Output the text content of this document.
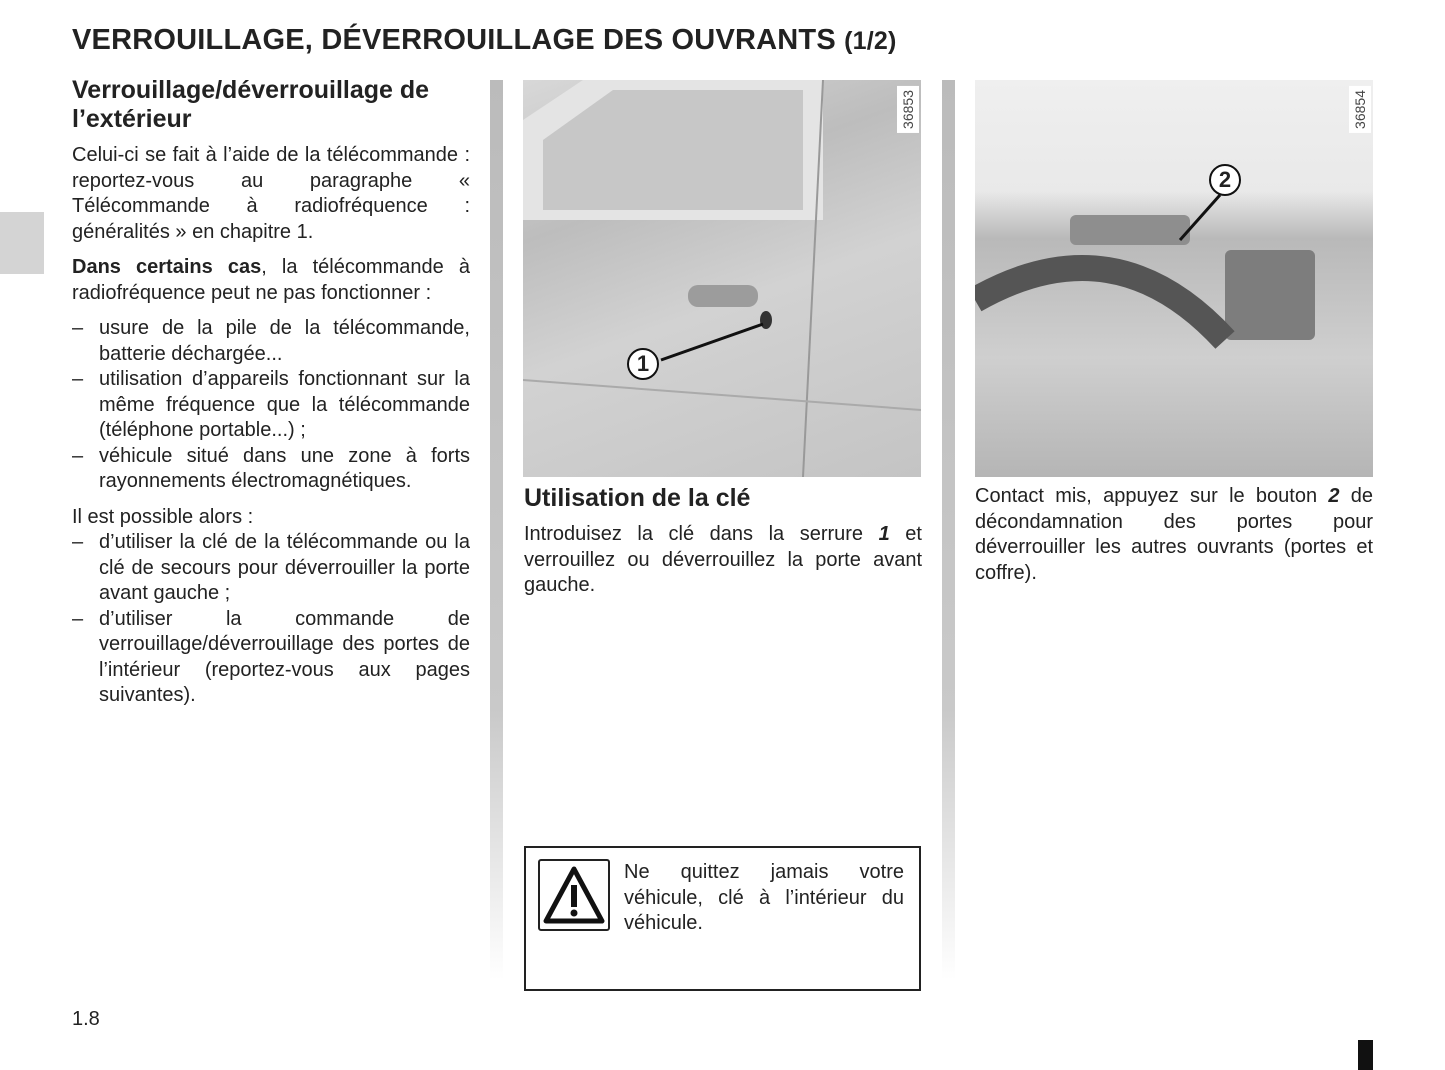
VERROUILLAGE, DÉVERROUILLAGE DES OUVRANTS (1/2)
Verrouillage/déverrouillage de l’extérieur

Celui-ci se fait à l’aide de la télécommande : reportez-vous au paragraphe « Télécommande à radiofréquence : généralités » en chapitre 1.

Dans certains cas, la télécommande à radiofréquence peut ne pas fonctionner :

– usure de la pile de la télécommande, batterie déchargée...
– utilisation d’appareils fonctionnant sur la même fréquence que la télécommande (téléphone portable...) ;
– véhicule situé dans une zone à forts rayonnements électromagnétiques.

Il est possible alors :

– d’utiliser la clé de la télécommande ou la clé de secours pour déverrouiller la porte avant gauche ;
– d’utiliser la commande de verrouillage/déverrouillage des portes de l’intérieur (reportez-vous aux pages suivantes).
1
36853
2
36854
Utilisation de la clé

Introduisez la clé dans la serrure 1 et verrouillez ou déverrouillez la porte avant gauche.

Contact mis, appuyez sur le bouton 2 de décondamnation des portes pour déverrouiller les autres ouvrants (portes et coffre).

Ne quittez jamais votre véhicule, clé à l’intérieur du véhicule.
1.8
